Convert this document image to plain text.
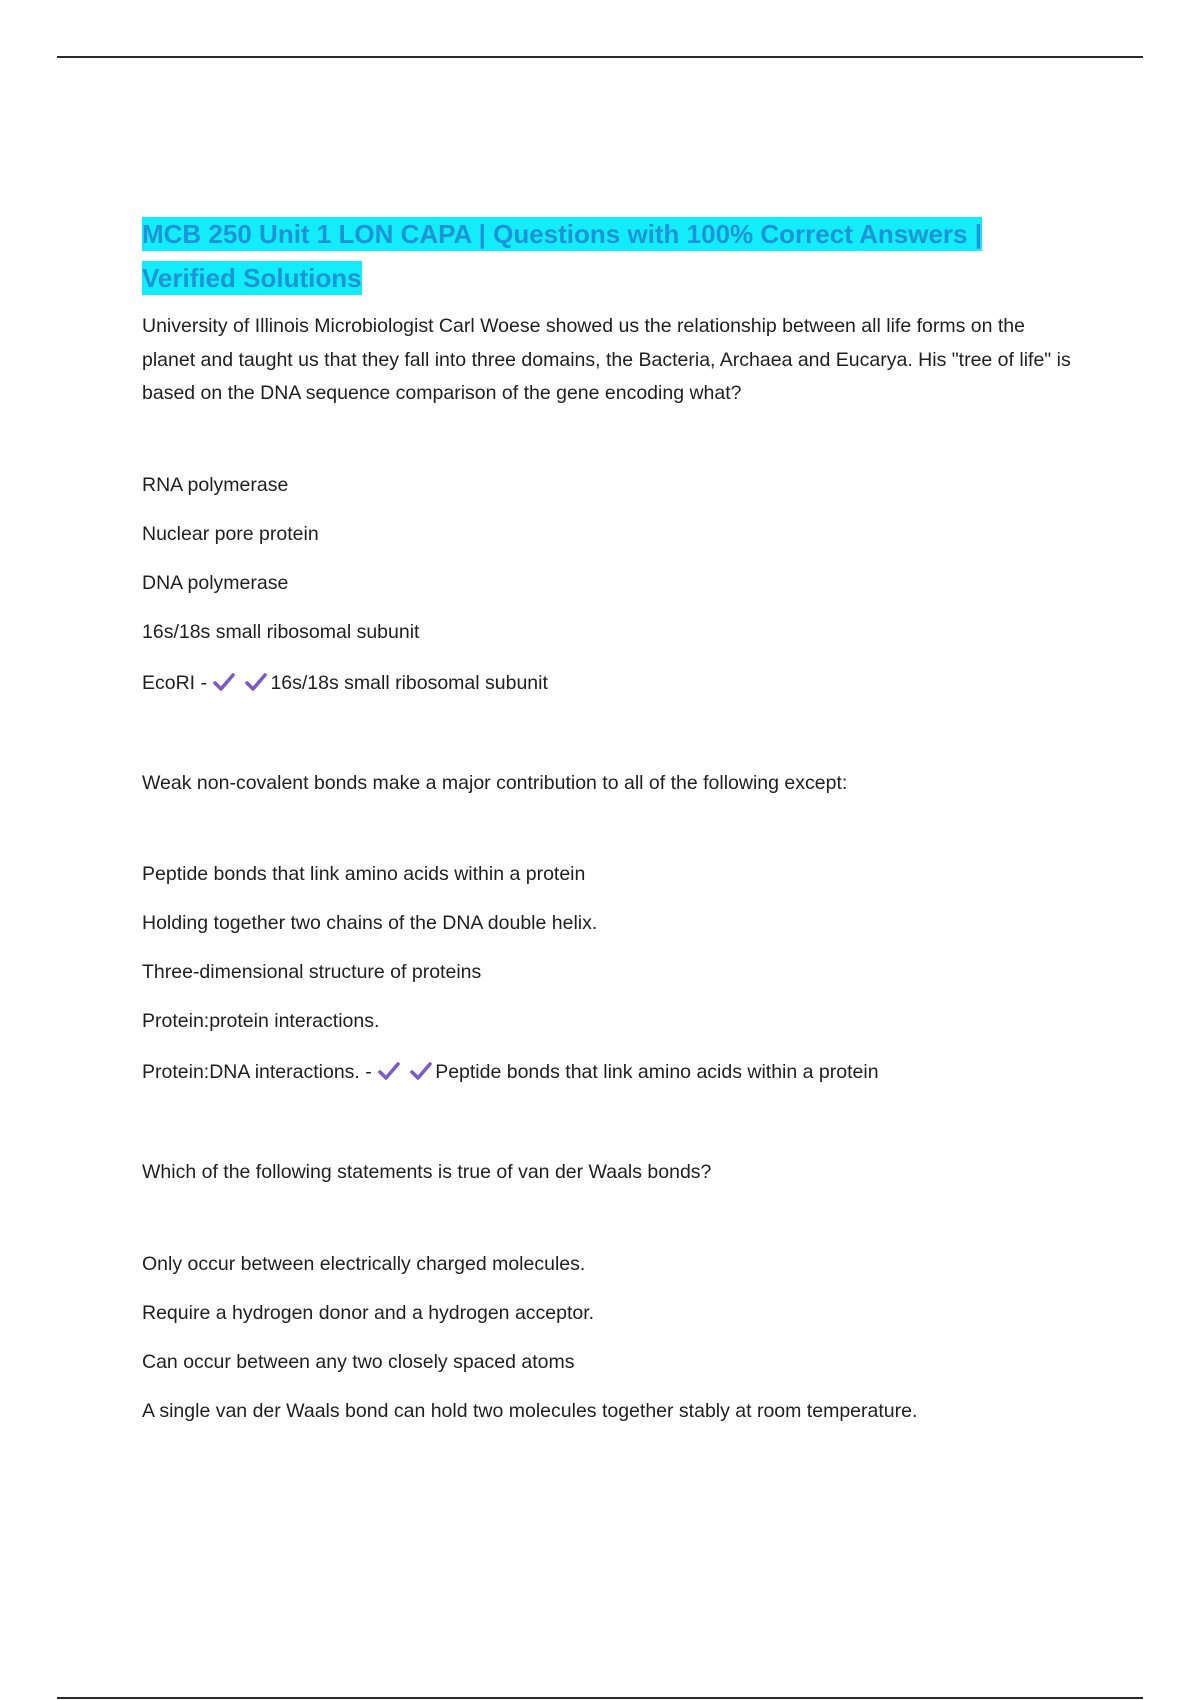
MCB 250 Unit 1 LON CAPA | Questions with 100% Correct Answers | Verified Solutions

University of Illinois Microbiologist Carl Woese showed us the relationship between all life forms on the planet and taught us that they fall into three domains, the Bacteria, Archaea and Eucarya. His "tree of life" is based on the DNA sequence comparison of the gene encoding what?

RNA polymerase
Nuclear pore protein
DNA polymerase
16s/18s small ribosomal subunit
EcoRI -	16s/18s small ribosomal subunit

Weak non-covalent bonds make a major contribution to all of the following except:

Peptide bonds that link amino acids within a protein
Holding together two chains of the DNA double helix.
Three-dimensional structure of proteins
Protein:protein interactions.
Protein:DNA interactions. -	Peptide bonds that link amino acids within a protein

Which of the following statements is true of van der Waals bonds?

Only occur between electrically charged molecules.
Require a hydrogen donor and a hydrogen acceptor.
Can occur between any two closely spaced atoms
A single van der Waals bond can hold two molecules together stably at room temperature.
